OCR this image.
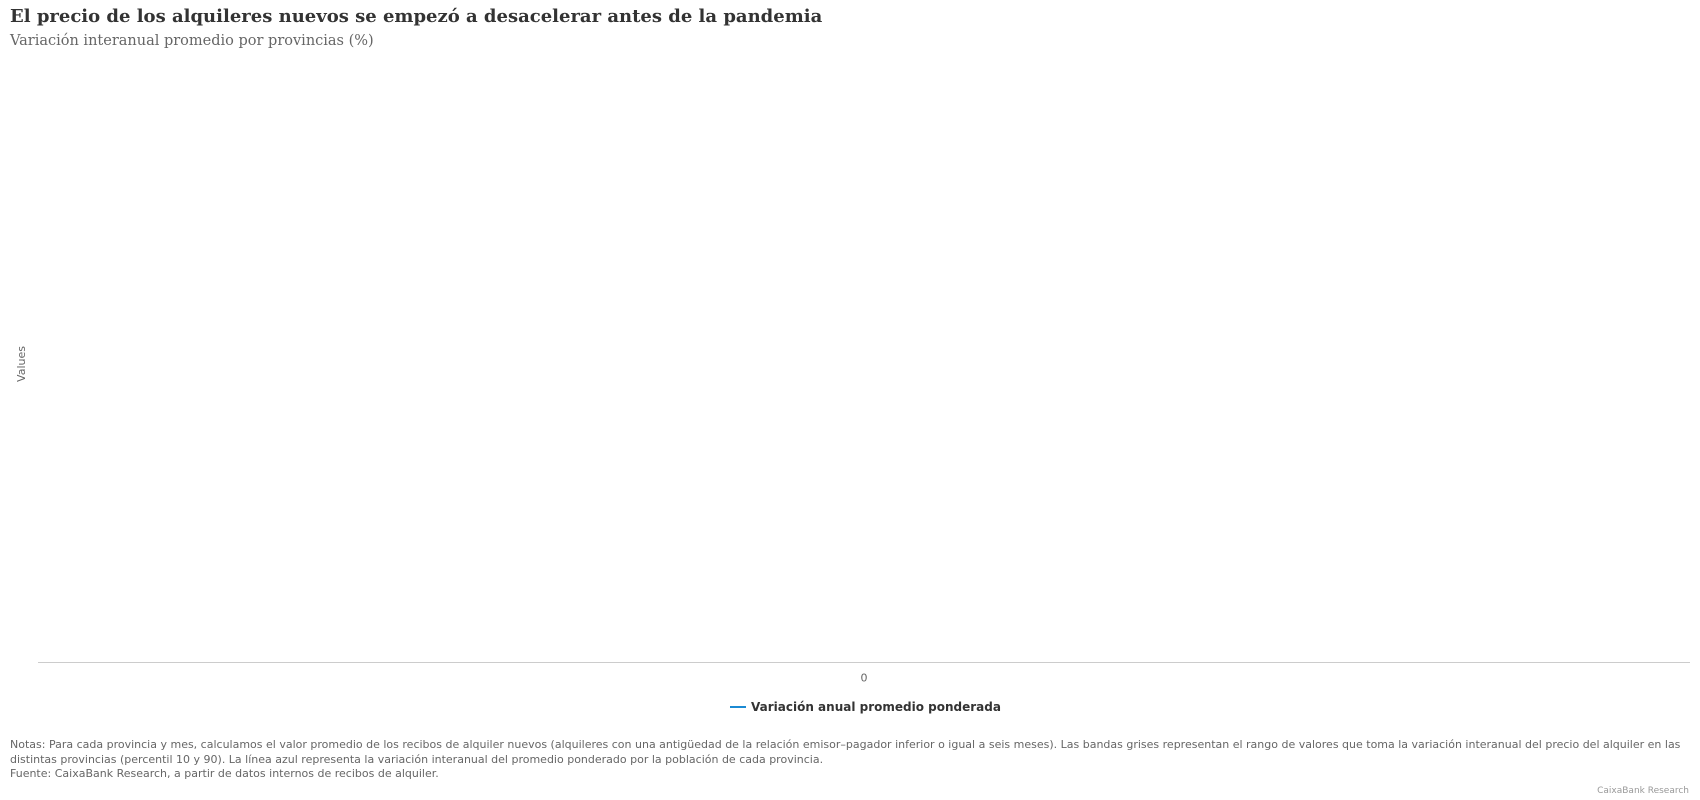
El precio de los alquileres nuevos se empezó a desacelerar antes de la pandemia
Variación interanual promedio por provincias (%)
Values
0
Variación anual promedio ponderada
Notas: Para cada provincia y mes, calculamos el valor promedio de los recibos de alquiler nuevos (alquileres con una antigüedad de la relación emisor–pagador inferior o igual a seis meses). Las bandas grises representan el rango de valores que toma la variación interanual del precio del alquiler en las distintas provincias (percentil 10 y 90). La línea azul representa la variación interanual del promedio ponderado por la población de cada provincia.
Fuente: CaixaBank Research, a partir de datos internos de recibos de alquiler.
CaixaBank Research
